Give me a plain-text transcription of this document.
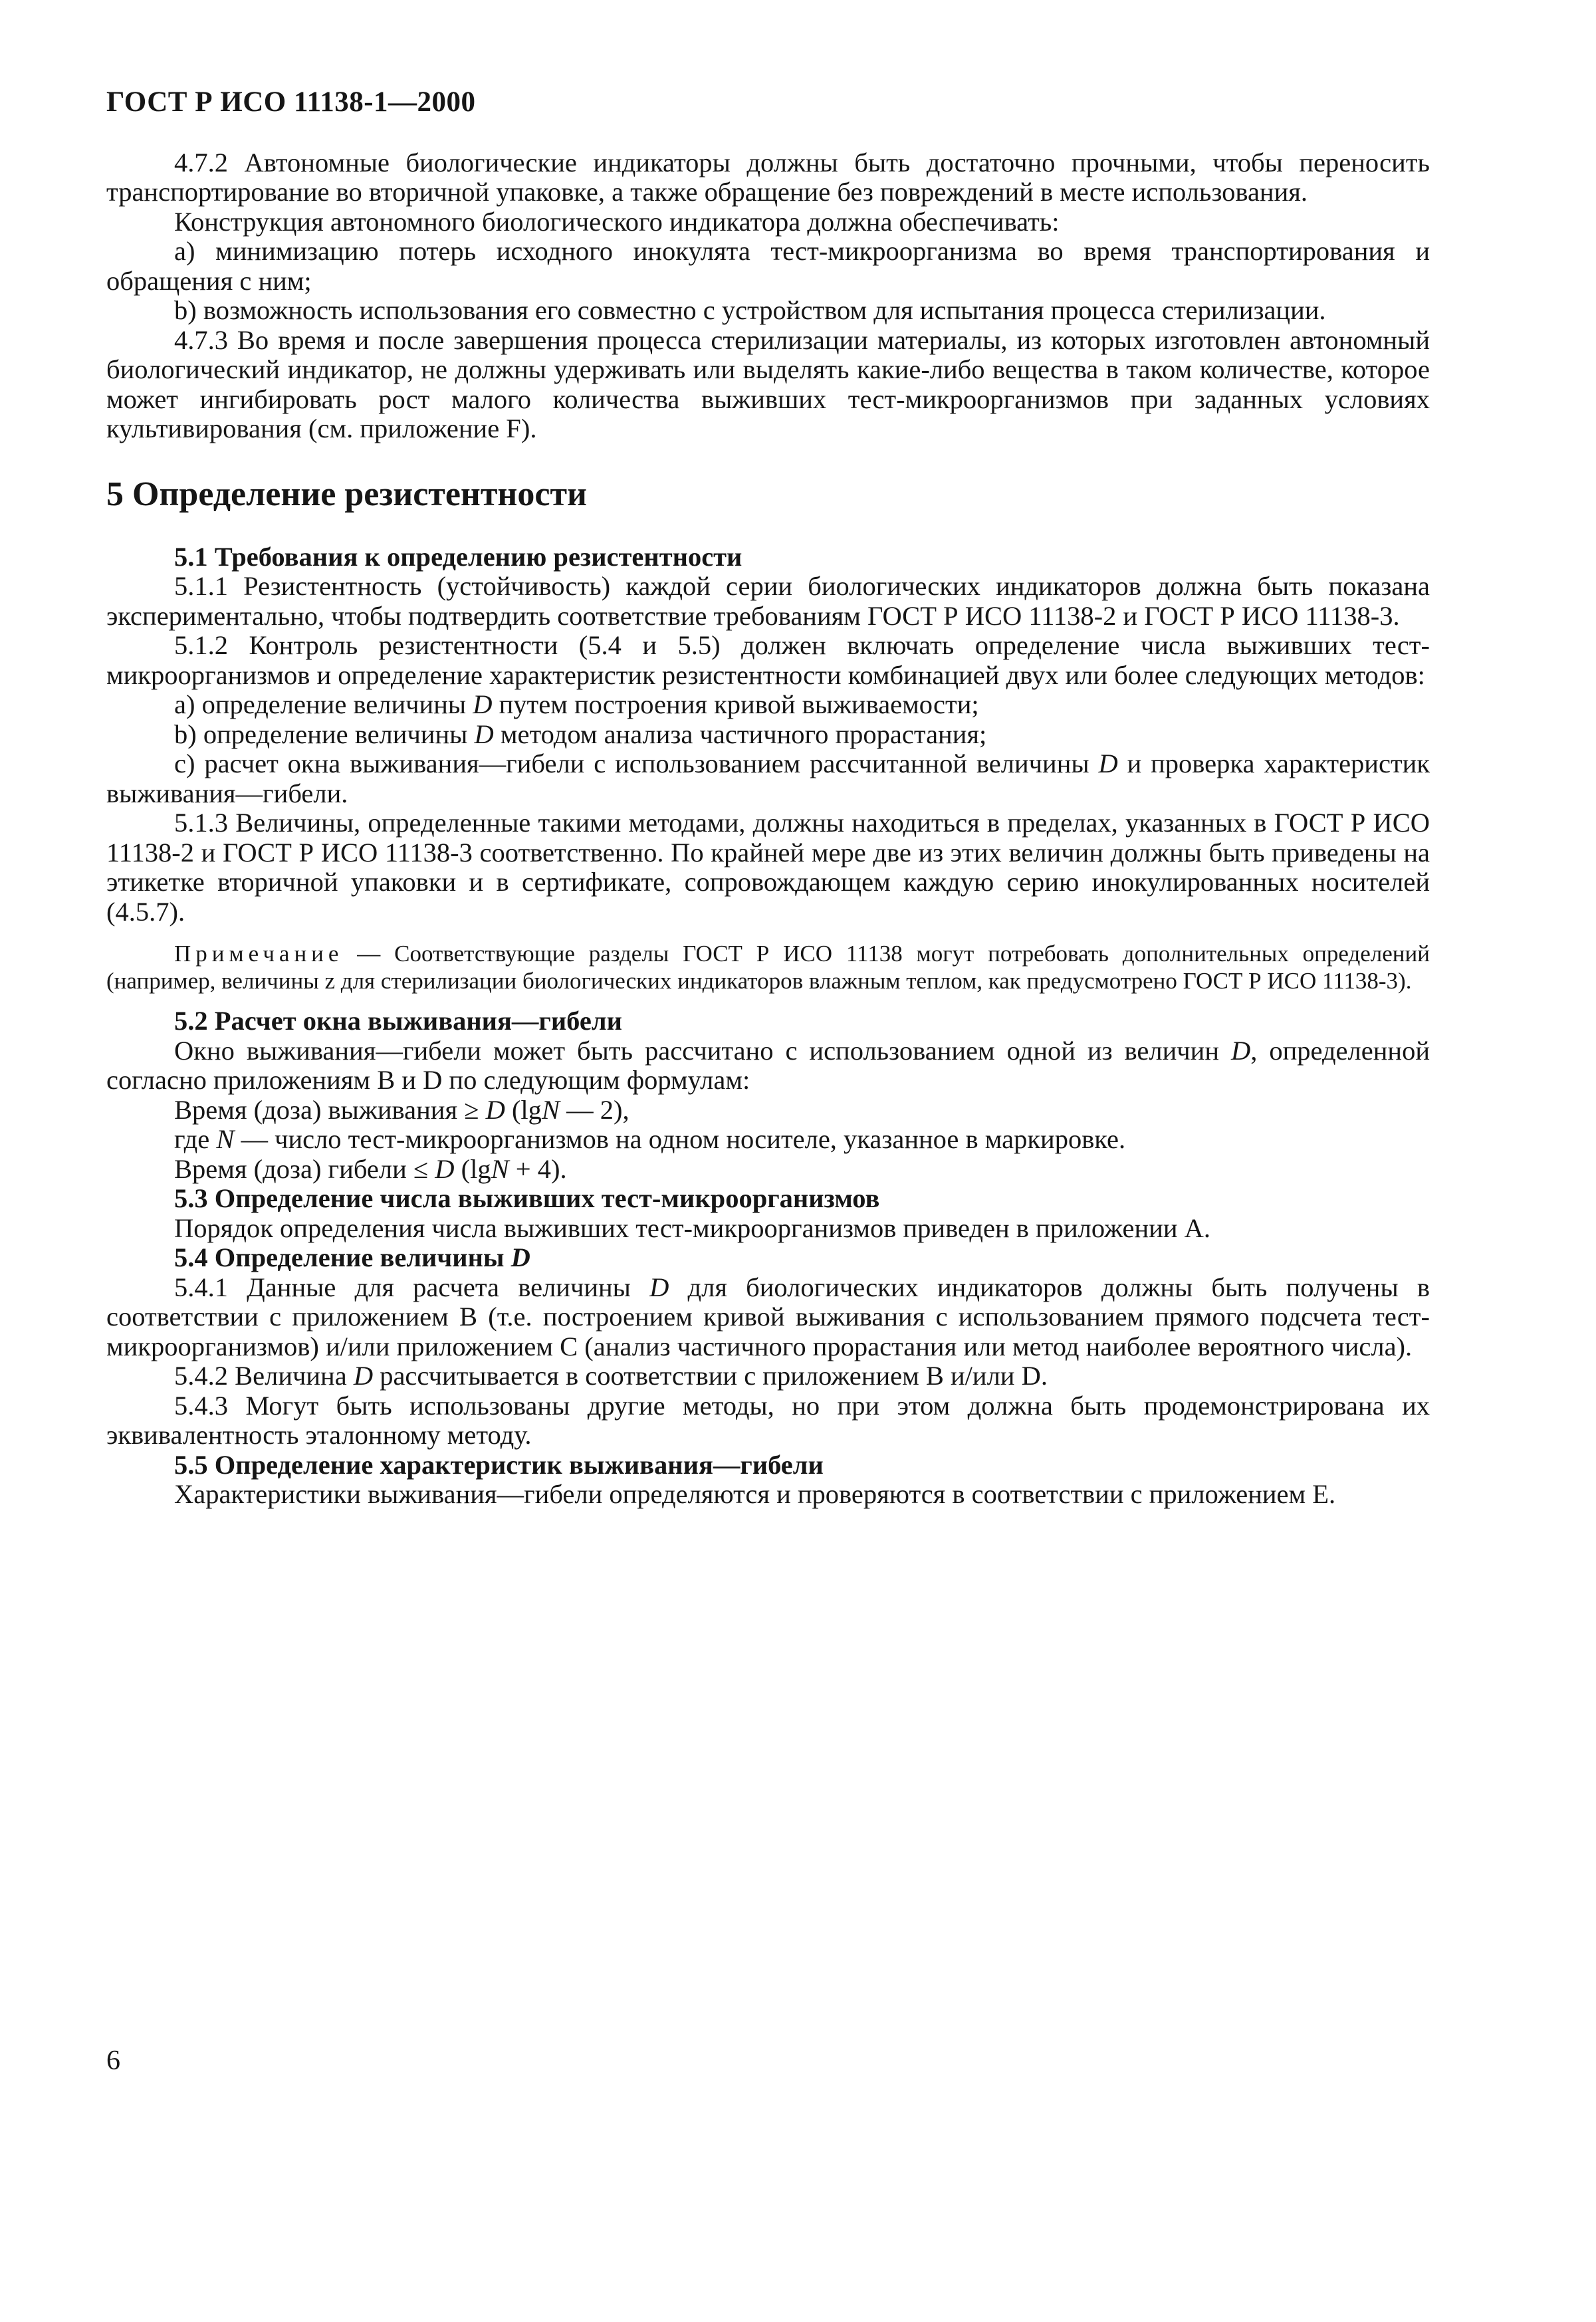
ГОСТ Р ИСО 11138-1—2000

4.7.2 Автономные биологические индикаторы должны быть достаточно прочными, чтобы переносить транспортирование во вторичной упаковке, а также обращение без повреждений в месте использования.

Конструкция автономного биологического индикатора должна обеспечивать:

а) минимизацию потерь исходного инокулята тест-микроорганизма во время транспортирования и обращения с ним;

b) возможность использования его совместно с устройством для испытания процесса стерилизации.

4.7.3 Во время и после завершения процесса стерилизации материалы, из которых изготовлен автономный биологический индикатор, не должны удерживать или выделять какие-либо вещества в таком количестве, которое может ингибировать рост малого количества выживших тест-микроорганизмов при заданных условиях культивирования (см. приложение F).

5 Определение резистентности

5.1 Требования к определению резистентности

5.1.1 Резистентность (устойчивость) каждой серии биологических индикаторов должна быть показана экспериментально, чтобы подтвердить соответствие требованиям ГОСТ Р ИСО 11138-2 и ГОСТ Р ИСО 11138-3.

5.1.2 Контроль резистентности (5.4 и 5.5) должен включать определение числа выживших тест-микроорганизмов и определение характеристик резистентности комбинацией двух или более следующих методов:

а) определение величины D путем построения кривой выживаемости;

b) определение величины D методом анализа частичного прорастания;

с) расчет окна выживания—гибели с использованием рассчитанной величины D и проверка характеристик выживания—гибели.

5.1.3 Величины, определенные такими методами, должны находиться в пределах, указанных в ГОСТ Р ИСО 11138-2 и ГОСТ Р ИСО 11138-3 соответственно. По крайней мере две из этих величин должны быть приведены на этикетке вторичной упаковки и в сертификате, сопровождающем каждую серию инокулированных носителей (4.5.7).

Примечание — Соответствующие разделы ГОСТ Р ИСО 11138 могут потребовать дополнительных определений (например, величины z для стерилизации биологических индикаторов влажным теплом, как предусмотрено ГОСТ Р ИСО 11138-3).

5.2 Расчет окна выживания—гибели

Окно выживания—гибели может быть рассчитано с использованием одной из величин D, определенной согласно приложениям В и D по следующим формулам:

Время (доза) выживания ≥ D (lgN — 2),

где N — число тест-микроорганизмов на одном носителе, указанное в маркировке.

Время (доза) гибели ≤ D (lgN + 4).

5.3 Определение числа выживших тест-микроорганизмов

Порядок определения числа выживших тест-микроорганизмов приведен в приложении А.

5.4 Определение величины D

5.4.1 Данные для расчета величины D для биологических индикаторов должны быть получены в соответствии с приложением В (т.е. построением кривой выживания с использованием прямого подсчета тест-микроорганизмов) и/или приложением С (анализ частичного прорастания или метод наиболее вероятного числа).

5.4.2 Величина D рассчитывается в соответствии с приложением В и/или D.

5.4.3 Могут быть использованы другие методы, но при этом должна быть продемонстрирована их эквивалентность эталонному методу.

5.5 Определение характеристик выживания—гибели

Характеристики выживания—гибели определяются и проверяются в соответствии с приложением Е.

6
